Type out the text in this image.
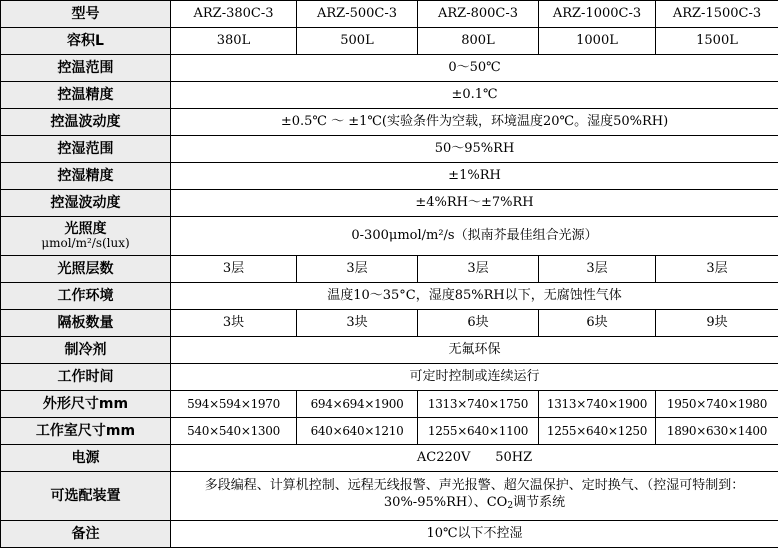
型号	ARZ-380C-3	ARZ-500C-3	ARZ-800C-3	ARZ-1000C-3	ARZ-1500C-3
容积L	380L	500L	800L	1000L	1500L
控温范围	0～50℃				
控温精度	±0.1℃				
控温波动度	±0.5℃ ～ ±1℃(实验条件为空载，环境温度20℃。湿度50%RH)				
控湿范围	50～95%RH				
控湿精度	±1%RH				
控湿波动度	±4%RH～±7%RH				

光照度
μmol/m²/s(lux)	0-300μmol/m²/s（拟南芥最佳组合光源）				
光照层数	3层	3层	3层	3层	3层
工作环境	温度10～35°C，湿度85%RH以下，无腐蚀性气体				
隔板数量	3块	3块	6块	6块	9块
制冷剂	无氟环保				
工作时间	可定时控制或连续运行				
外形尺寸mm	594×594×1970	694×694×1900	1313×740×1750	1313×740×1900	1950×740×1980
工作室尺寸mm	540×540×1300	640×640×1210	1255×640×1100	1255×640×1250	1890×630×1400
电源	AC220V      50HZ				
可选配装置	多段编程、计算机控制、远程无线报警、声光报警、超欠温保护、定时换气、（控湿可特制到：30%-95%RH）、$CO_2$调节系统				
备注	10℃以下不控湿				
